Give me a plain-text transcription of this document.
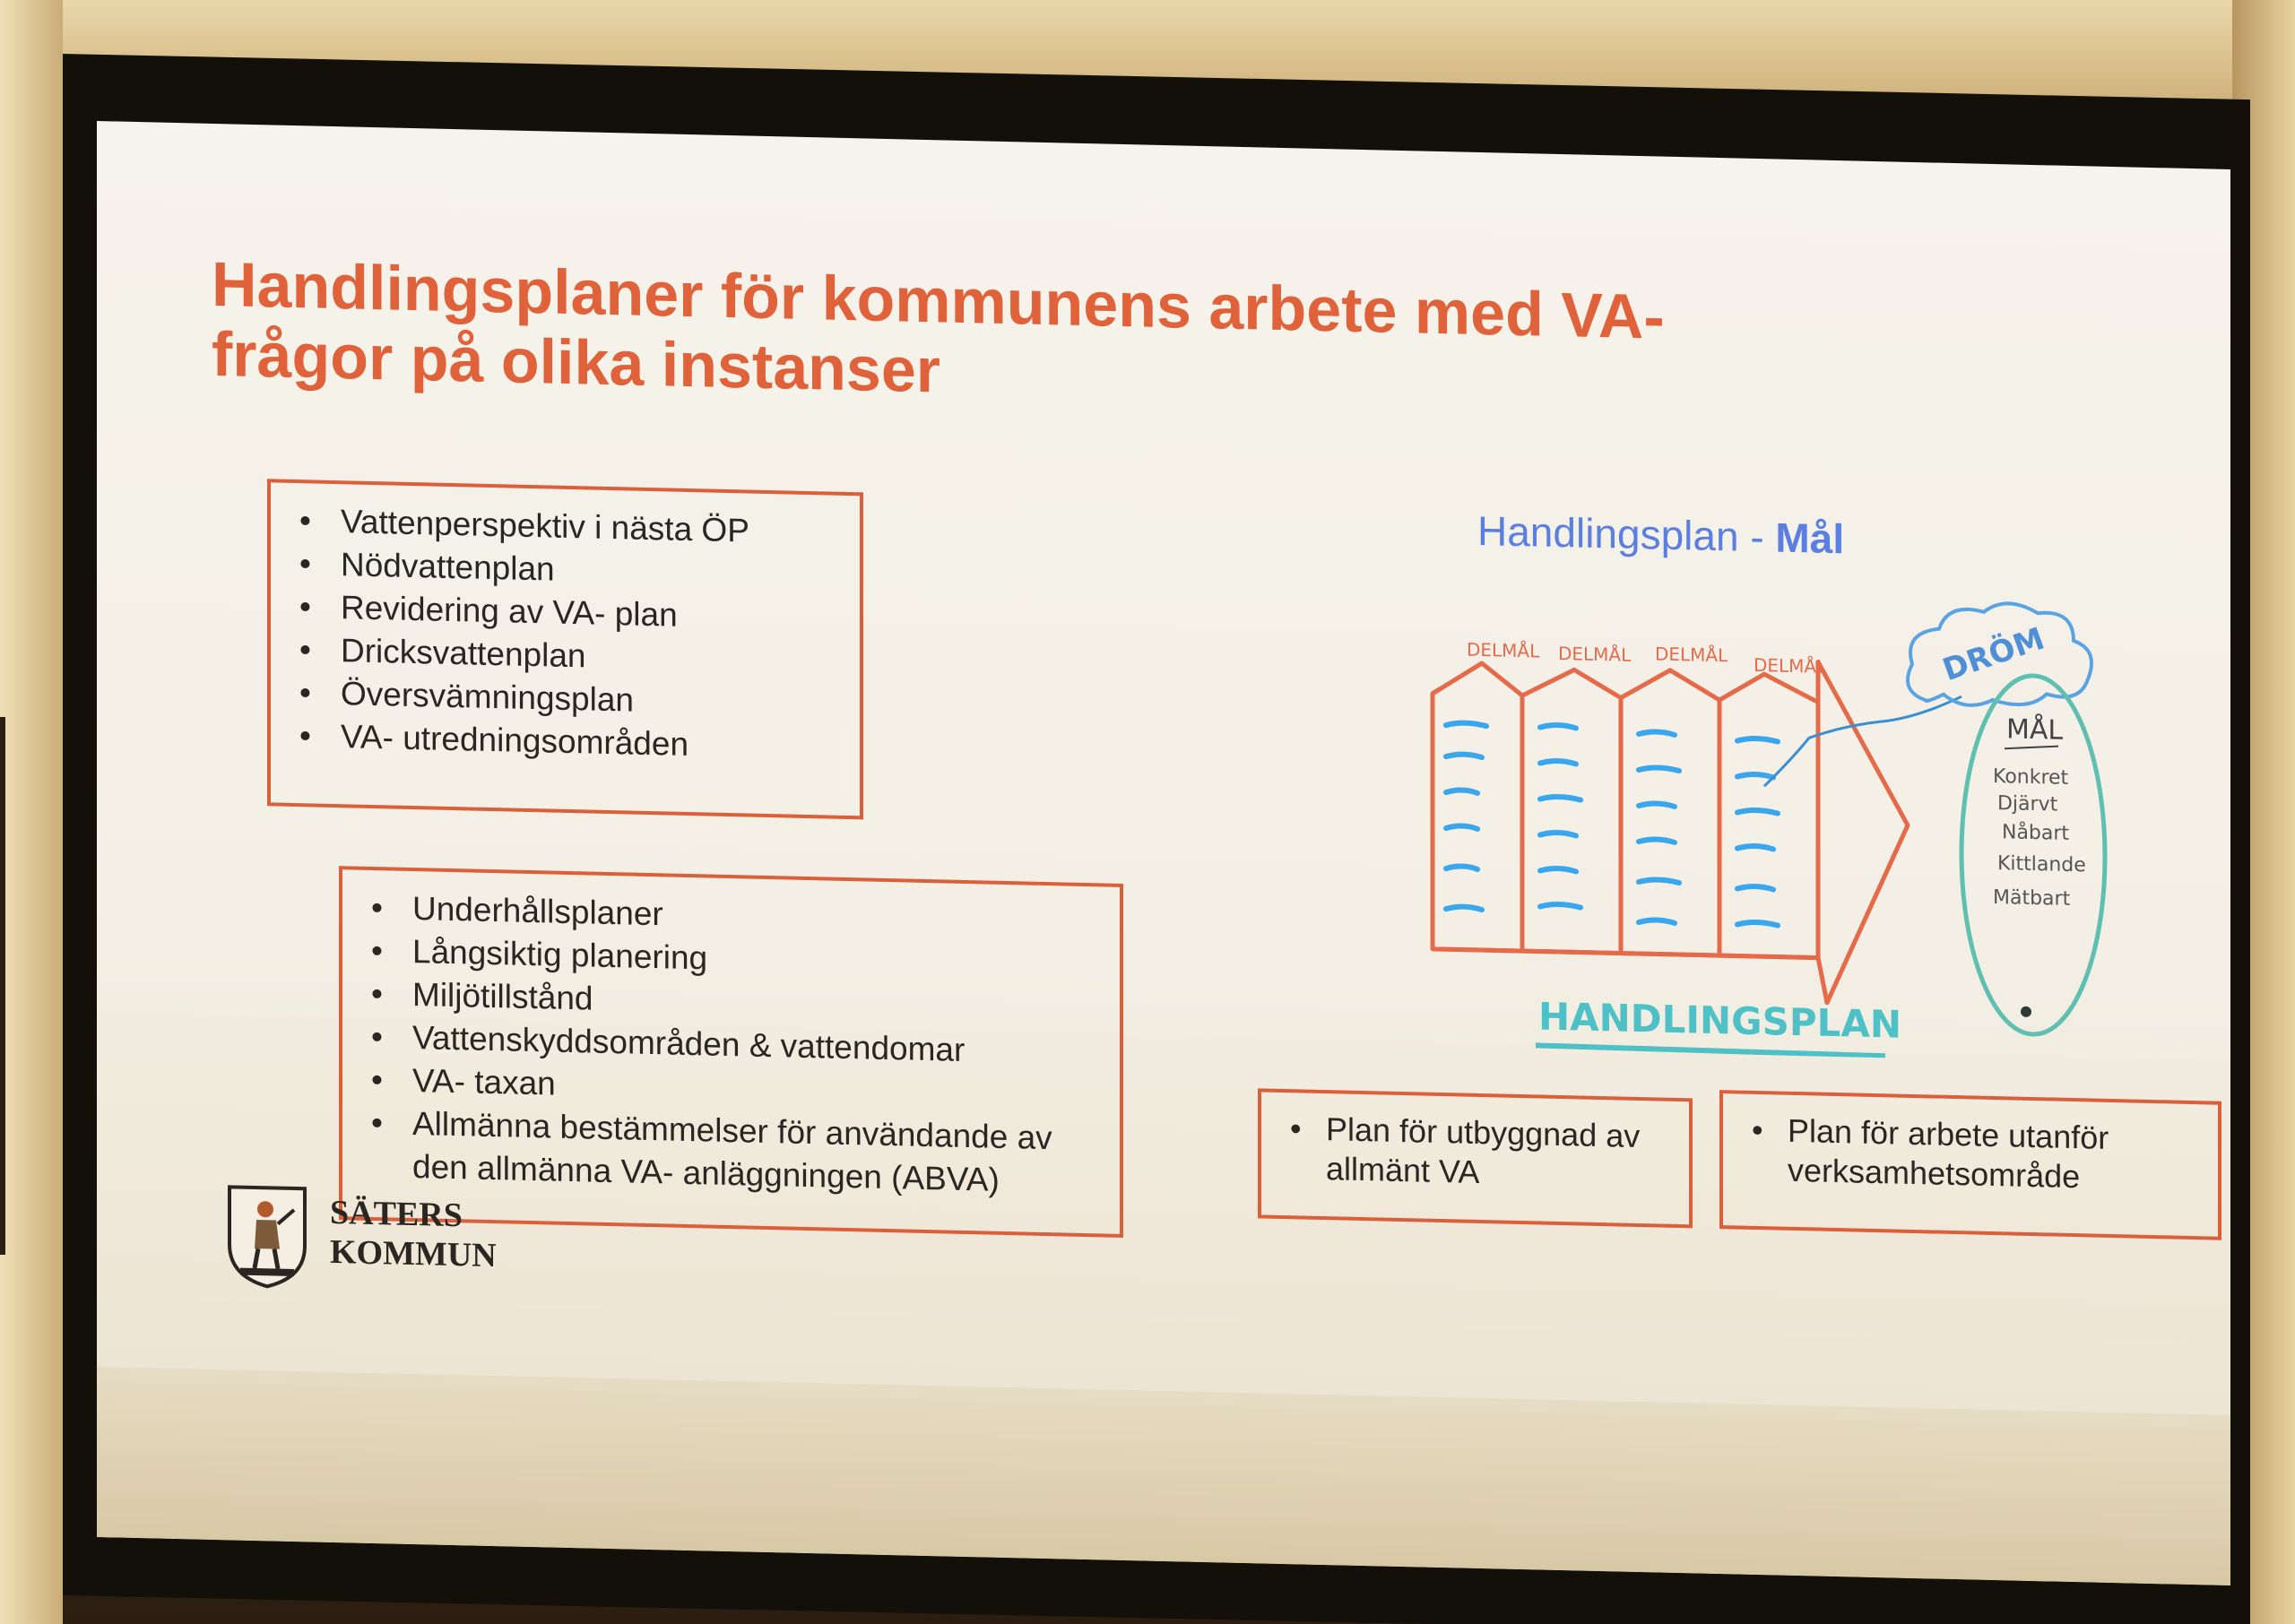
Handlingsplaner för kommunens arbete med VA-
frågor på olika instanser
• Vattenperspektiv i nästa ÖP
• Nödvattenplan
• Revidering av VA- plan
• Dricksvattenplan
• Översvämningsplan
• VA- utredningsområden
• Underhållsplaner
• Långsiktig planering
• Miljötillstånd
• Vattenskyddsområden & vattendomar
• VA- taxan
• Allmänna bestämmelser för användande av den allmänna VA- anläggningen (ABVA)
• Plan för utbyggnad av allmänt VA
• Plan för arbete utanför verksamhetsområde
Handlingsplan - Mål
DELMÅL DELMÅL DELMÅL DELMÅL	DRÖM
MÅL
Konkret
Djärvt
Nåbart
Kittlande
Mätbart
HANDLINGSPLAN
SÄTERS
KOMMUN
